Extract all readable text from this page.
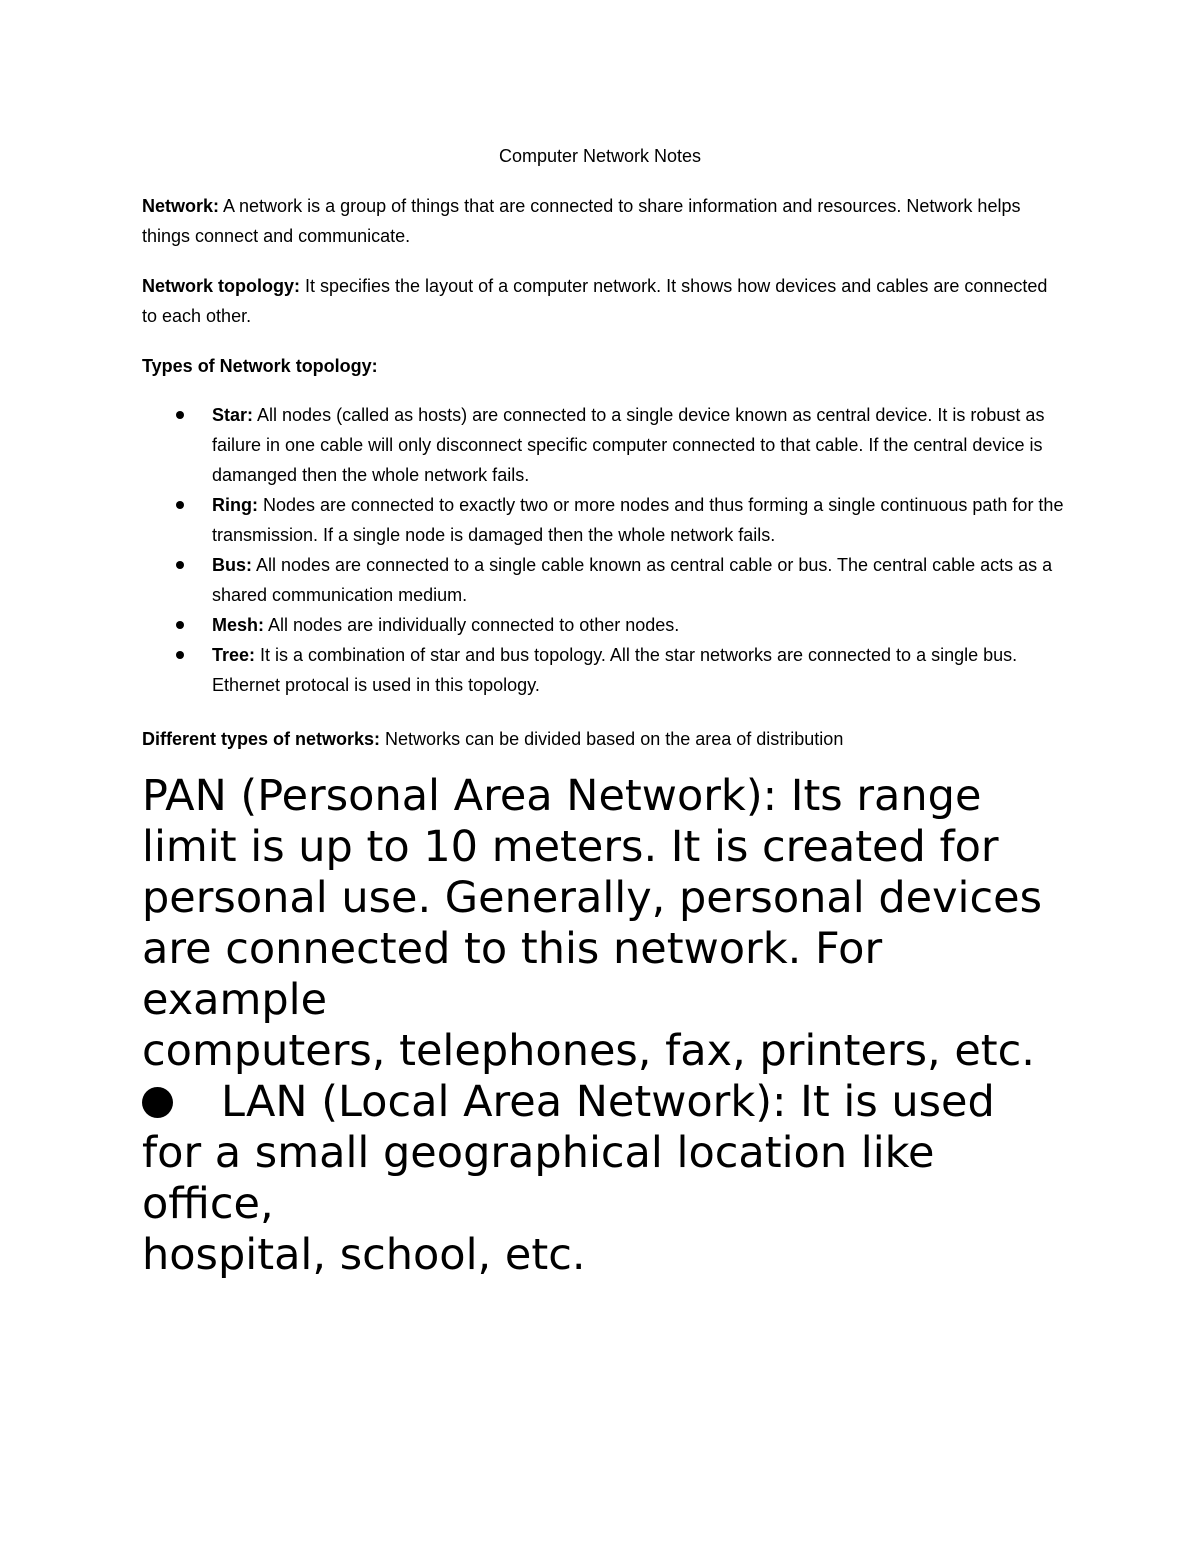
Computer Network Notes

Network: A network is a group of things that are connected to share information and resources. Network helps things connect and communicate.

Network topology: It specifies the layout of a computer network. It shows how devices and cables are connected to each other.

Types of Network topology:

Star: All nodes (called as hosts) are connected to a single device known as central device. It is robust as failure in one cable will only disconnect specific computer connected to that cable. If the central device is damanged then the whole network fails.
Ring: Nodes are connected to exactly two or more nodes and thus forming a single continuous path for the transmission. If a single node is damaged then the whole network fails.
Bus: All nodes are connected to a single cable known as central cable or bus. The central cable acts as a shared communication medium.
Mesh: All nodes are individually connected to other nodes.
Tree: It is a combination of star and bus topology. All the star networks are connected to a single bus. Ethernet protocal is used in this topology.

Different types of networks: Networks can be divided based on the area of distribution

PAN (Personal Area Network): Its range
limit is up to 10 meters. It is created for
personal use. Generally, personal devices
are connected to this network. For
example
computers, telephones, fax, printers, etc.
LAN (Local Area Network): It is used
for a small geographical location like
office,
hospital, school, etc.
